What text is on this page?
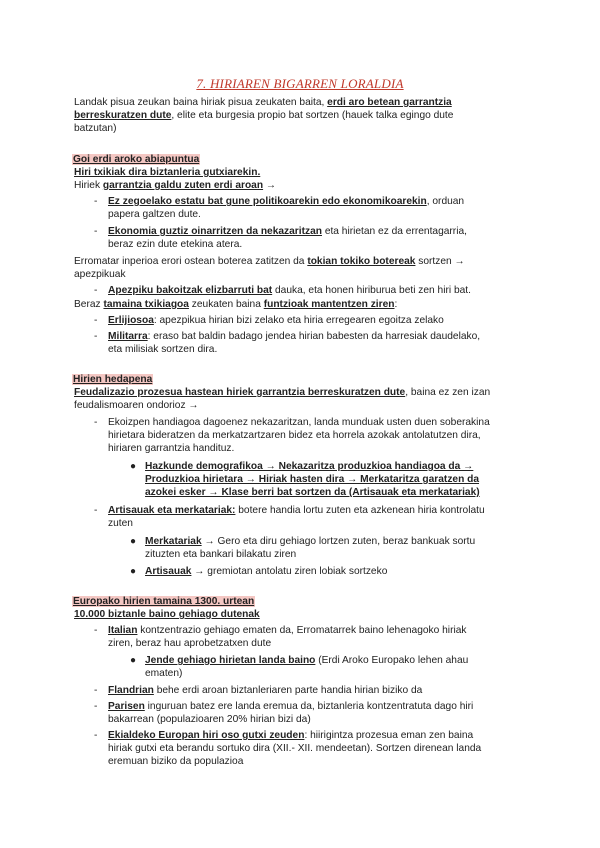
7. HIRIAREN BIGARREN LORALDIA
Landak pisua zeukan baina hiriak pisua zeukaten baita, erdi aro betean garrantzia
berreskuratzen dute, elite eta burgesia propio bat sortzen (hauek talka egingo dute
batzutan)
Goi erdi aroko abiapuntua
Hiri txikiak dira biztanleria gutxiarekin.
Hiriek garrantzia galdu zuten erdi aroan →
- Ez zegoelako estatu bat gune politikoarekin edo ekonomikoarekin, orduan
papera galtzen dute.
- Ekonomia guztiz oinarritzen da nekazaritzan eta hirietan ez da errentagarria,
beraz ezin dute etekina atera.
Erromatar inperioa erori ostean boterea zatitzen da tokian tokiko botereak sortzen →
apezpikuak
- Apezpiku bakoitzak elizbarruti bat dauka, eta honen hiriburua beti zen hiri bat.
Beraz tamaina txikiagoa zeukaten baina funtzioak mantentzen ziren:
- Erlijiosoa: apezpikua hirian bizi zelako eta hiria erregearen egoitza zelako
- Militarra: eraso bat baldin badago jendea hirian babesten da harresiak daudelako,
eta milisiak sortzen dira.
Hirien hedapena
Feudalizazio prozesua hastean hiriek garrantzia berreskuratzen dute, baina ez zen izan
feudalismoaren ondorioz →
- Ekoizpen handiagoa dagoenez nekazaritzan, landa munduak usten duen soberakina
hirietara bideratzen da merkatzartzaren bidez eta horrela azokak antolatutzen dira,
hiriaren garrantzia handituz.
● Hazkunde demografikoa → Nekazaritza produzkioa handiagoa da →
Produzkioa hirietara → Hiriak hasten dira → Merkataritza garatzen da
azokei esker → Klase berri bat sortzen da (Artisauak eta merkatariak)
- Artisauak eta merkatariak: botere handia lortu zuten eta azkenean hiria kontrolatu
zuten
● Merkatariak → Gero eta diru gehiago lortzen zuten, beraz bankuak sortu
zituzten eta bankari bilakatu ziren
● Artisauak → gremiotan antolatu ziren lobiak sortzeko
Europako hirien tamaina 1300. urtean
10.000 biztanle baino gehiago dutenak
- Italian kontzentrazio gehiago ematen da, Erromatarrek baino lehenagoko hiriak
ziren, beraz hau aprobetzatxen dute
● Jende gehiago hirietan landa baino (Erdi Aroko Europako lehen ahau
ematen)
- Flandrian behe erdi aroan biztanleriaren parte handia hirian biziko da
- Parisen inguruan batez ere landa eremua da, biztanleria kontzentratuta dago hiri
bakarrean (populazioaren 20% hirian bizi da)
- Ekialdeko Europan hiri oso gutxi zeuden: hiirigintza prozesua eman zen baina
hiriak gutxi eta berandu sortuko dira (XII.- XII. mendeetan). Sortzen direnean landa
eremuan biziko da populazioa
